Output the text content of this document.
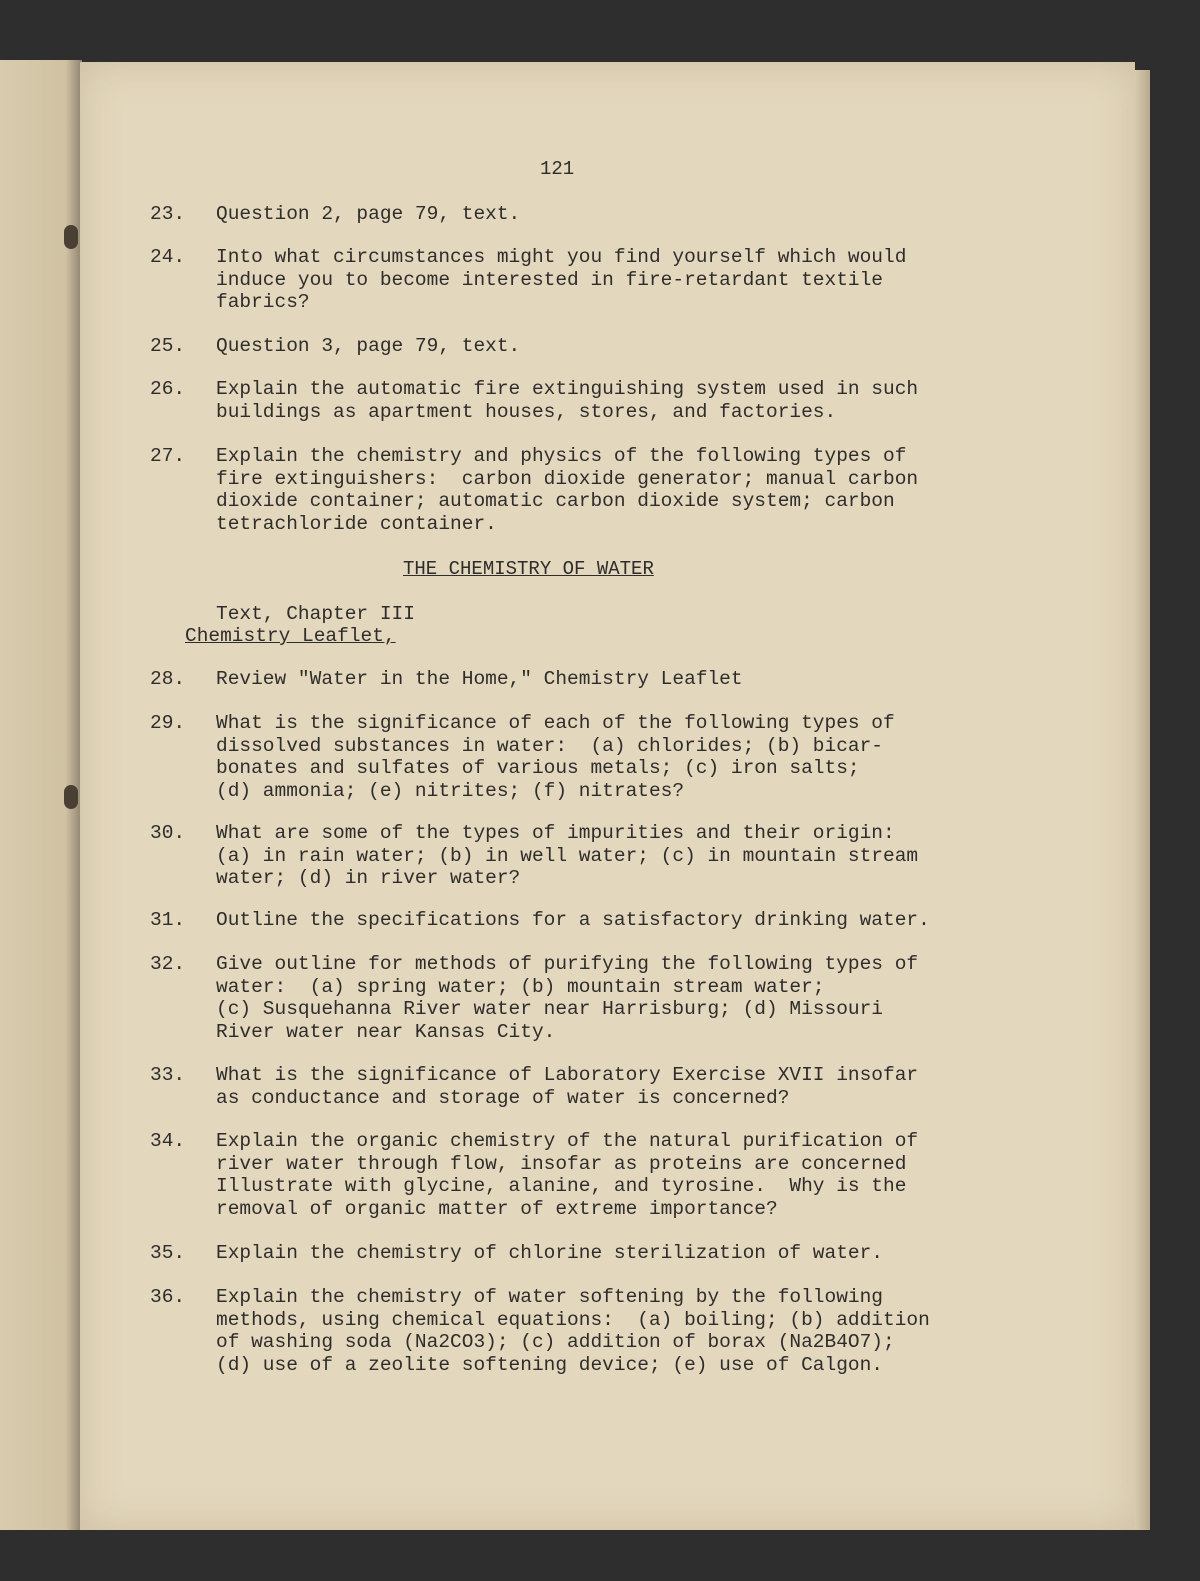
121
23. Question 2, page 79, text.
24. Into what circumstances might you find yourself which would
induce you to become interested in fire-retardant textile
fabrics?
25. Question 3, page 79, text.
26. Explain the automatic fire extinguishing system used in such
buildings as apartment houses, stores, and factories.
27. Explain the chemistry and physics of the following types of
fire extinguishers:  carbon dioxide generator; manual carbon
dioxide container; automatic carbon dioxide system; carbon
tetrachloride container.
THE CHEMISTRY OF WATER
Text, Chapter III
Chemistry Leaflet,
28. Review "Water in the Home," Chemistry Leaflet
29. What is the significance of each of the following types of
dissolved substances in water:  (a) chlorides; (b) bicar-
bonates and sulfates of various metals; (c) iron salts;
(d) ammonia; (e) nitrites; (f) nitrates?
30. What are some of the types of impurities and their origin:
(a) in rain water; (b) in well water; (c) in mountain stream
water; (d) in river water?
31. Outline the specifications for a satisfactory drinking water.
32. Give outline for methods of purifying the following types of
water:  (a) spring water; (b) mountain stream water;
(c) Susquehanna River water near Harrisburg; (d) Missouri
River water near Kansas City.
33. What is the significance of Laboratory Exercise XVII insofar
as conductance and storage of water is concerned?
34. Explain the organic chemistry of the natural purification of
river water through flow, insofar as proteins are concerned
Illustrate with glycine, alanine, and tyrosine.  Why is the
removal of organic matter of extreme importance?
35. Explain the chemistry of chlorine sterilization of water.
36. Explain the chemistry of water softening by the following
methods, using chemical equations:  (a) boiling; (b) addition
of washing soda (Na2CO3); (c) addition of borax (Na2B4O7);
(d) use of a zeolite softening device; (e) use of Calgon.
